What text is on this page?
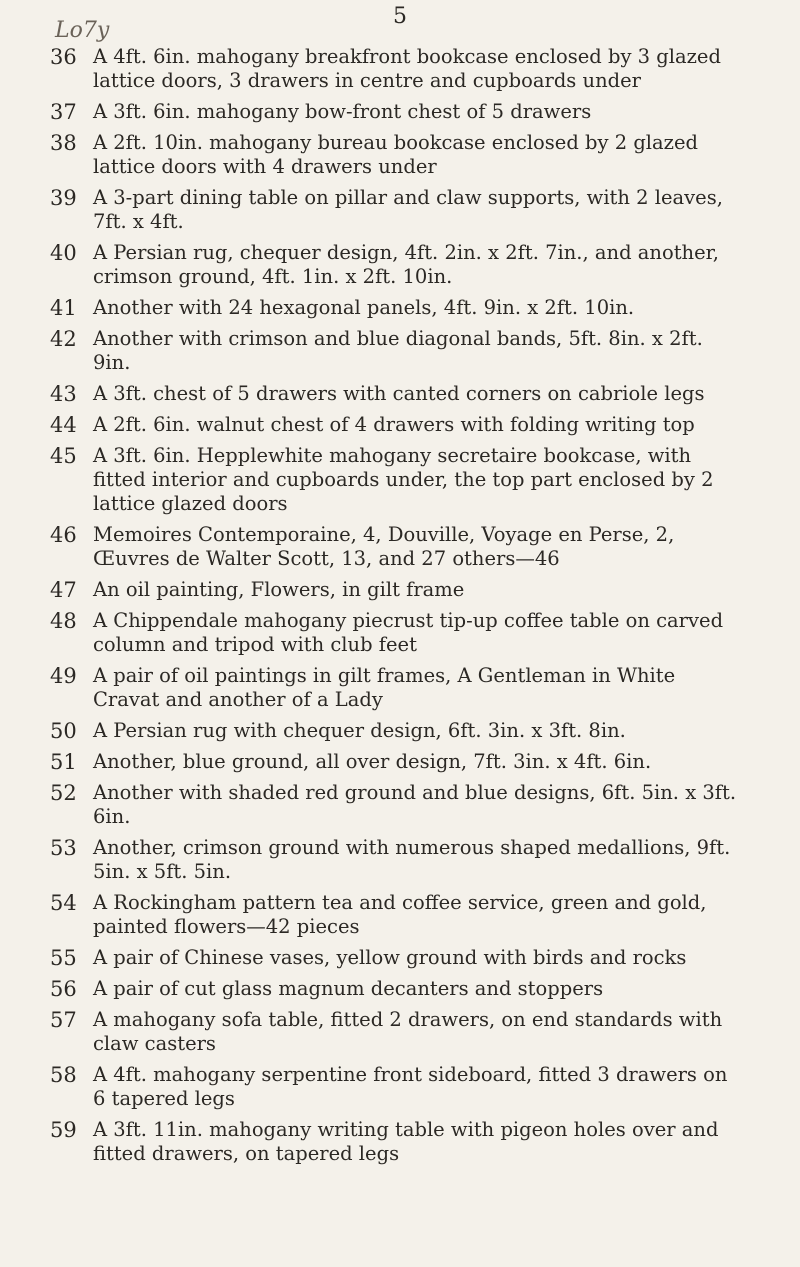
5
Lo7y
36 A 4ft. 6in. mahogany breakfront bookcase enclosed by 3 glazed lattice doors, 3 drawers in centre and cupboards under
37 A 3ft. 6in. mahogany bow-front chest of 5 drawers
38 A 2ft. 10in. mahogany bureau bookcase enclosed by 2 glazed lattice doors with 4 drawers under
39 A 3-part dining table on pillar and claw supports, with 2 leaves, 7ft. x 4ft.
40 A Persian rug, chequer design, 4ft. 2in. x 2ft. 7in., and another, crimson ground, 4ft. 1in. x 2ft. 10in.
41 Another with 24 hexagonal panels, 4ft. 9in. x 2ft. 10in.
42 Another with crimson and blue diagonal bands, 5ft. 8in. x 2ft. 9in.
43 A 3ft. chest of 5 drawers with canted corners on cabriole legs
44 A 2ft. 6in. walnut chest of 4 drawers with folding writing top
45 A 3ft. 6in. Hepplewhite mahogany secretaire bookcase, with fitted interior and cupboards under, the top part enclosed by 2 lattice glazed doors
46 Memoires Contemporaine, 4, Douville, Voyage en Perse, 2, Œuvres de Walter Scott, 13, and 27 others—46
47 An oil painting, Flowers, in gilt frame
48 A Chippendale mahogany piecrust tip-up coffee table on carved column and tripod with club feet
49 A pair of oil paintings in gilt frames, A Gentleman in White Cravat and another of a Lady
50 A Persian rug with chequer design, 6ft. 3in. x 3ft. 8in.
51 Another, blue ground, all over design, 7ft. 3in. x 4ft. 6in.
52 Another with shaded red ground and blue designs, 6ft. 5in. x 3ft. 6in.
53 Another, crimson ground with numerous shaped medallions, 9ft. 5in. x 5ft. 5in.
54 A Rockingham pattern tea and coffee service, green and gold, painted flowers—42 pieces
55 A pair of Chinese vases, yellow ground with birds and rocks
56 A pair of cut glass magnum decanters and stoppers
57 A mahogany sofa table, fitted 2 drawers, on end standards with claw casters
58 A 4ft. mahogany serpentine front sideboard, fitted 3 drawers on 6 tapered legs
59 A 3ft. 11in. mahogany writing table with pigeon holes over and fitted drawers, on tapered legs
